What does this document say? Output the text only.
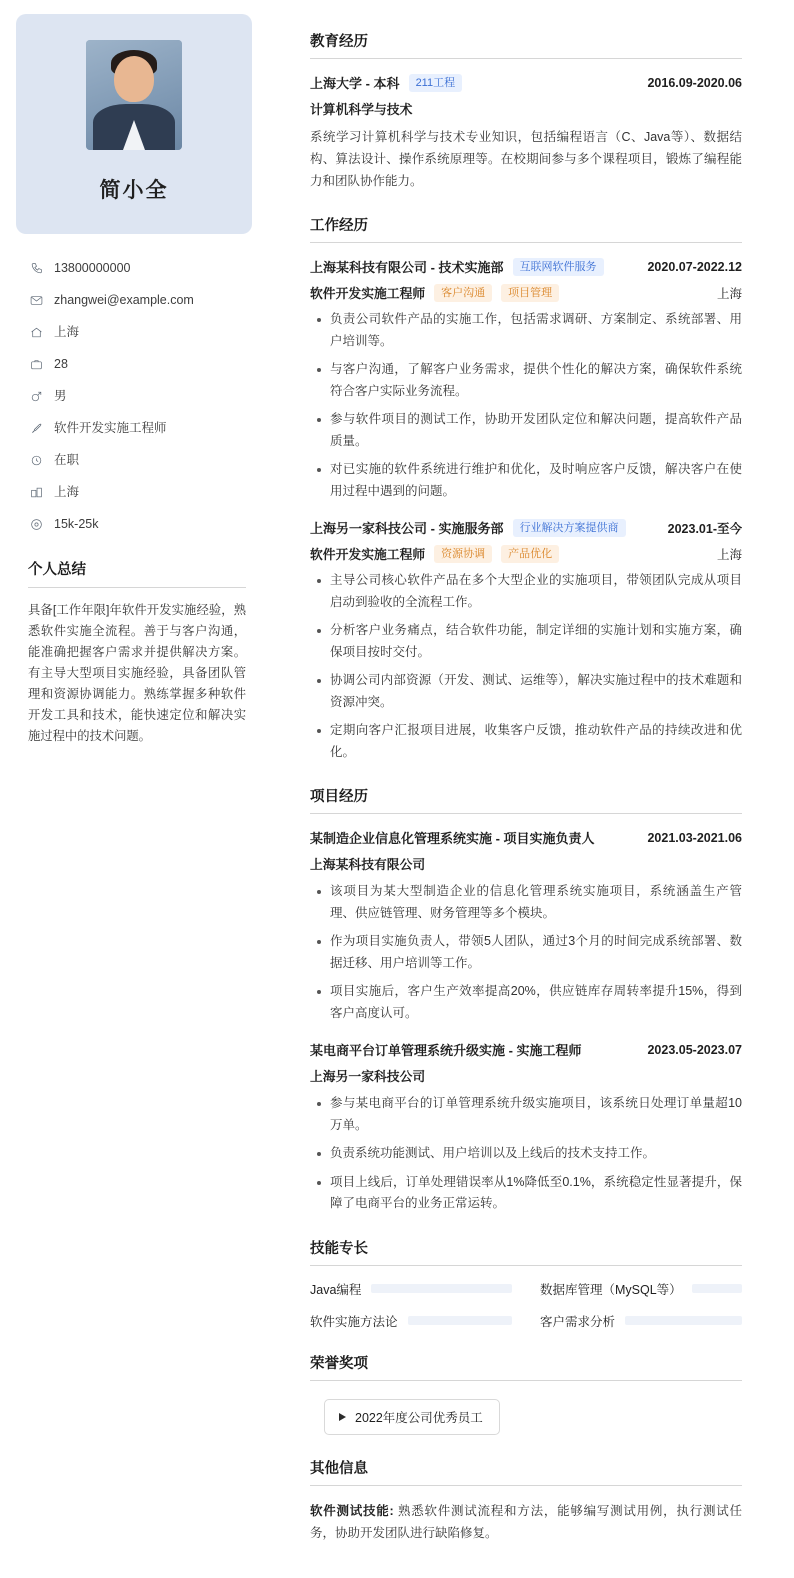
简小全
13800000000
zhangwei@example.com
上海
28
男
软件开发实施工程师
在职
上海
15k-25k
个人总结
具备[工作年限]年软件开发实施经验，熟悉软件实施全流程。善于与客户沟通，能准确把握客户需求并提供解决方案。有主导大型项目实施经验，具备团队管理和资源协调能力。熟练掌握多种软件开发工具和技术，能快速定位和解决实施过程中的技术问题。
教育经历
上海大学 - 本科	211工程	2016.09-2020.06
计算机科学与技术
系统学习计算机科学与技术专业知识，包括编程语言（C、Java等）、数据结构、算法设计、操作系统原理等。在校期间参与多个课程项目，锻炼了编程能力和团队协作能力。
工作经历
上海某科技有限公司 - 技术实施部	互联网软件服务	2020.07-2022.12
软件开发实施工程师	客户沟通	项目管理	上海
负责公司软件产品的实施工作，包括需求调研、方案制定、系统部署、用户培训等。
与客户沟通，了解客户业务需求，提供个性化的解决方案，确保软件系统符合客户实际业务流程。
参与软件项目的测试工作，协助开发团队定位和解决问题，提高软件产品质量。
对已实施的软件系统进行维护和优化，及时响应客户反馈，解决客户在使用过程中遇到的问题。
上海另一家科技公司 - 实施服务部	行业解决方案提供商	2023.01-至今
软件开发实施工程师	资源协调	产品优化	上海
主导公司核心软件产品在多个大型企业的实施项目，带领团队完成从项目启动到验收的全流程工作。
分析客户业务痛点，结合软件功能，制定详细的实施计划和实施方案，确保项目按时交付。
协调公司内部资源（开发、测试、运维等），解决实施过程中的技术难题和资源冲突。
定期向客户汇报项目进展，收集客户反馈，推动软件产品的持续改进和优化。
项目经历
某制造企业信息化管理系统实施 - 项目实施负责人	2021.03-2021.06
上海某科技有限公司
该项目为某大型制造企业的信息化管理系统实施项目，系统涵盖生产管理、供应链管理、财务管理等多个模块。
作为项目实施负责人，带领5人团队，通过3个月的时间完成系统部署、数据迁移、用户培训等工作。
项目实施后，客户生产效率提高20%，供应链库存周转率提升15%，得到客户高度认可。
某电商平台订单管理系统升级实施 - 实施工程师	2023.05-2023.07
上海另一家科技公司
参与某电商平台的订单管理系统升级实施项目，该系统日处理订单量超10万单。
负责系统功能测试、用户培训以及上线后的技术支持工作。
项目上线后，订单处理错误率从1%降低至0.1%，系统稳定性显著提升，保障了电商平台的业务正常运转。
技能专长
Java编程	数据库管理（MySQL等）
软件实施方法论	客户需求分析
荣誉奖项
2022年度公司优秀员工
其他信息
软件测试技能: 熟悉软件测试流程和方法，能够编写测试用例，执行测试任务，协助开发团队进行缺陷修复。
